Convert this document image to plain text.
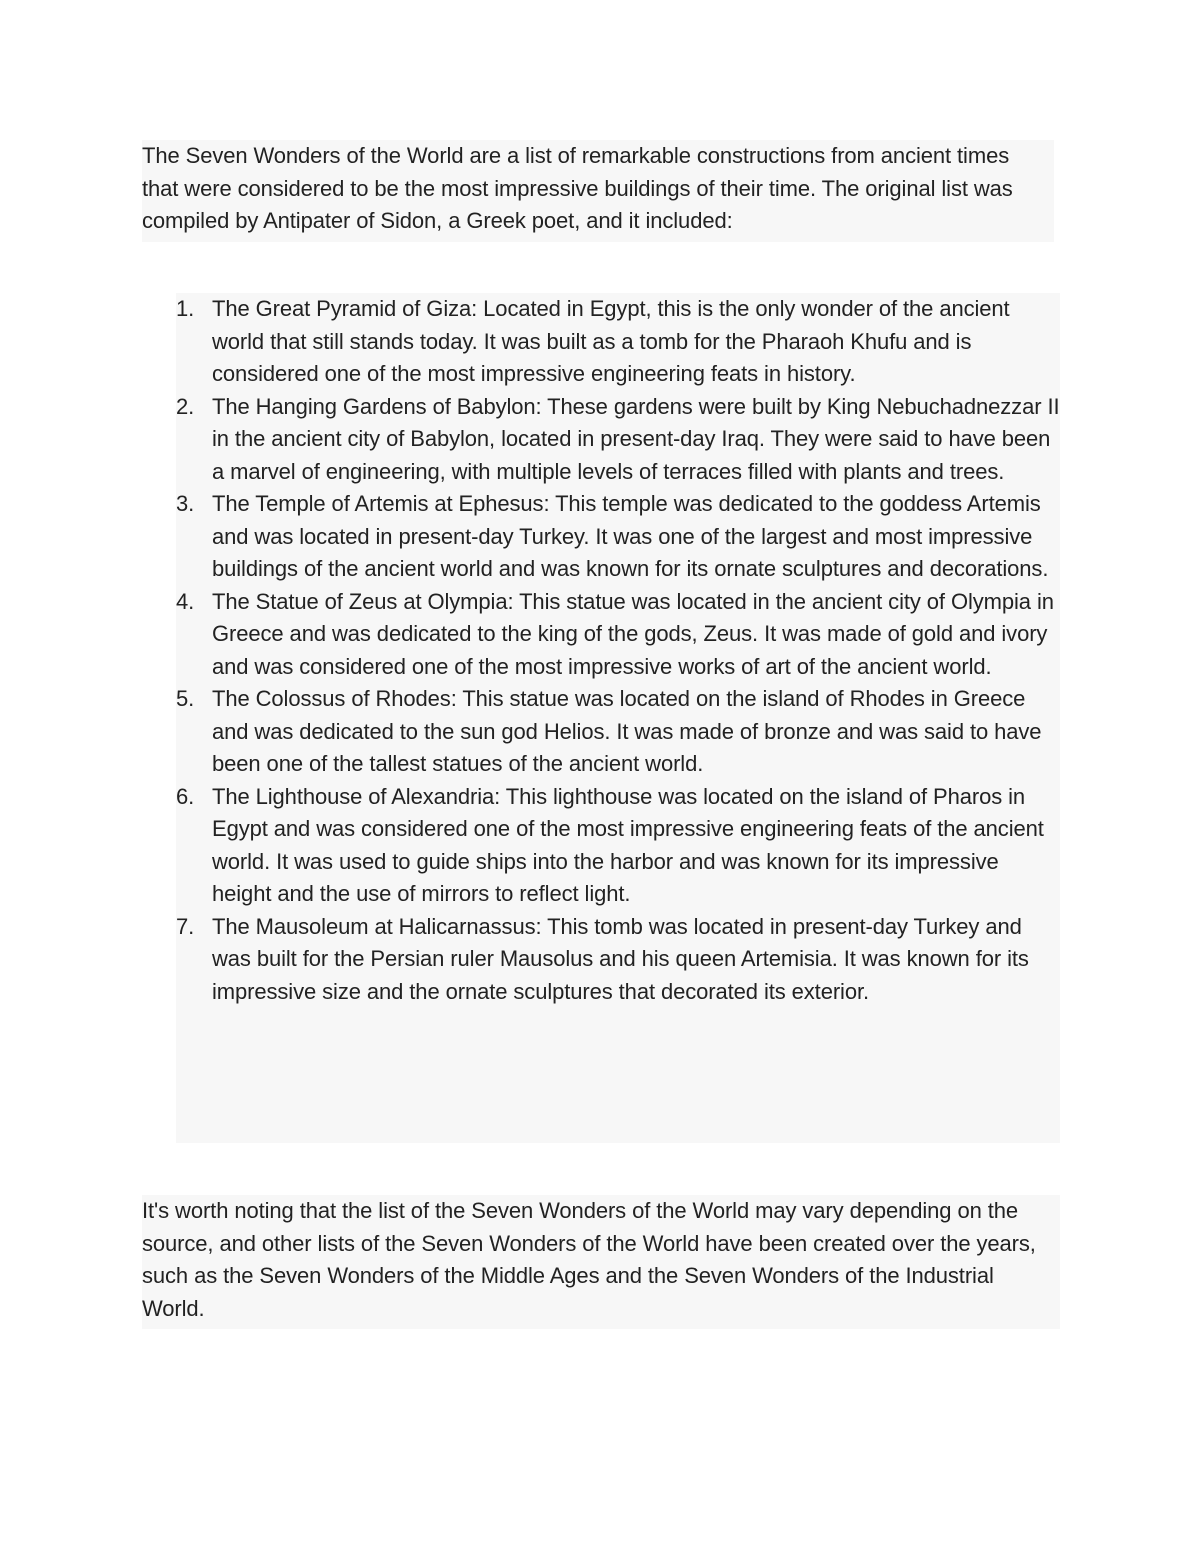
The Seven Wonders of the World are a list of remarkable constructions from ancient times that were considered to be the most impressive buildings of their time. The original list was compiled by Antipater of Sidon, a Greek poet, and it included:

1. The Great Pyramid of Giza: Located in Egypt, this is the only wonder of the ancient world that still stands today. It was built as a tomb for the Pharaoh Khufu and is considered one of the most impressive engineering feats in history.
2. The Hanging Gardens of Babylon: These gardens were built by King Nebuchadnezzar II in the ancient city of Babylon, located in present-day Iraq. They were said to have been a marvel of engineering, with multiple levels of terraces filled with plants and trees.
3. The Temple of Artemis at Ephesus: This temple was dedicated to the goddess Artemis and was located in present-day Turkey. It was one of the largest and most impressive buildings of the ancient world and was known for its ornate sculptures and decorations.
4. The Statue of Zeus at Olympia: This statue was located in the ancient city of Olympia in Greece and was dedicated to the king of the gods, Zeus. It was made of gold and ivory and was considered one of the most impressive works of art of the ancient world.
5. The Colossus of Rhodes: This statue was located on the island of Rhodes in Greece and was dedicated to the sun god Helios. It was made of bronze and was said to have been one of the tallest statues of the ancient world.
6. The Lighthouse of Alexandria: This lighthouse was located on the island of Pharos in Egypt and was considered one of the most impressive engineering feats of the ancient world. It was used to guide ships into the harbor and was known for its impressive height and the use of mirrors to reflect light.
7. The Mausoleum at Halicarnassus: This tomb was located in present-day Turkey and was built for the Persian ruler Mausolus and his queen Artemisia. It was known for its impressive size and the ornate sculptures that decorated its exterior.

It's worth noting that the list of the Seven Wonders of the World may vary depending on the source, and other lists of the Seven Wonders of the World have been created over the years, such as the Seven Wonders of the Middle Ages and the Seven Wonders of the Industrial World.
